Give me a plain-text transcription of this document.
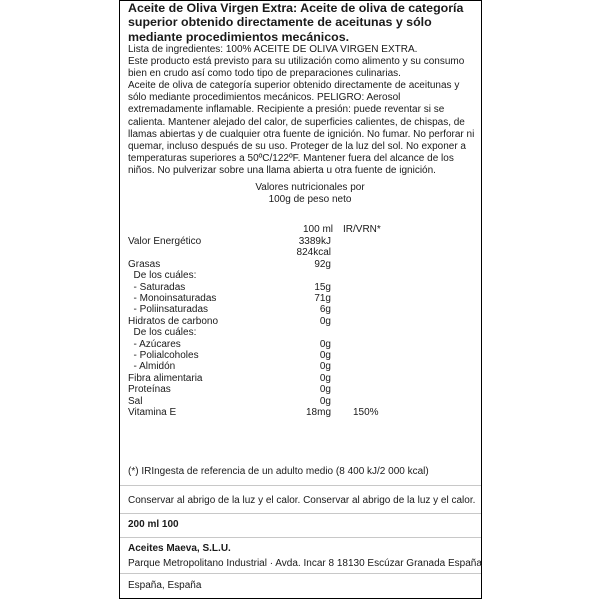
Aceite de Oliva Virgen Extra: Aceite de oliva de categoría superior obtenido directamente de aceitunas y sólo mediante procedimientos mecánicos.
Lista de ingredientes: 100% ACEITE DE OLIVA VIRGEN EXTRA.
Este producto está previsto para su utilización como alimento y su consumo bien en crudo así como todo tipo de preparaciones culinarias.
Aceite de oliva de categoría superior obtenido directamente de aceitunas y sólo mediante procedimientos mecánicos. PELIGRO: Aerosol extremadamente inflamable. Recipiente a presión: puede reventar si se calienta. Mantener alejado del calor, de superficies calientes, de chispas, de llamas abiertas y de cualquier otra fuente de ignición. No fumar. No perforar ni quemar, incluso después de su uso. Proteger de la luz del sol. No exponer a temperaturas superiores a 50ºC/122ºF. Mantener fuera del alcance de los niños. No pulverizar sobre una llama abierta u otra fuente de ignición.
Valores nutricionales por 100g de peso neto
100 ml IR/VRN*
Valor Energético	3389kJ
824kcal
Grasas	92g
De los cuáles:
- Saturadas	15g
- Monoinsaturadas	71g
- Poliinsaturadas	6g
Hidratos de carbono	0g
De los cuáles:
- Azúcares	0g
- Polialcoholes	0g
- Almidón	0g
Fibra alimentaria	0g
Proteínas	0g
Sal	0g
Vitamina E	18mg 150%
(*) IRIngesta de referencia de un adulto medio (8 400 kJ/2 000 kcal)
Conservar al abrigo de la luz y el calor. Conservar al abrigo de la luz y el calor.
200 ml 100
Aceites Maeva, S.L.U.
Parque Metropolitano Industrial · Avda. Incar 8 18130 Escúzar Granada España
España, España
